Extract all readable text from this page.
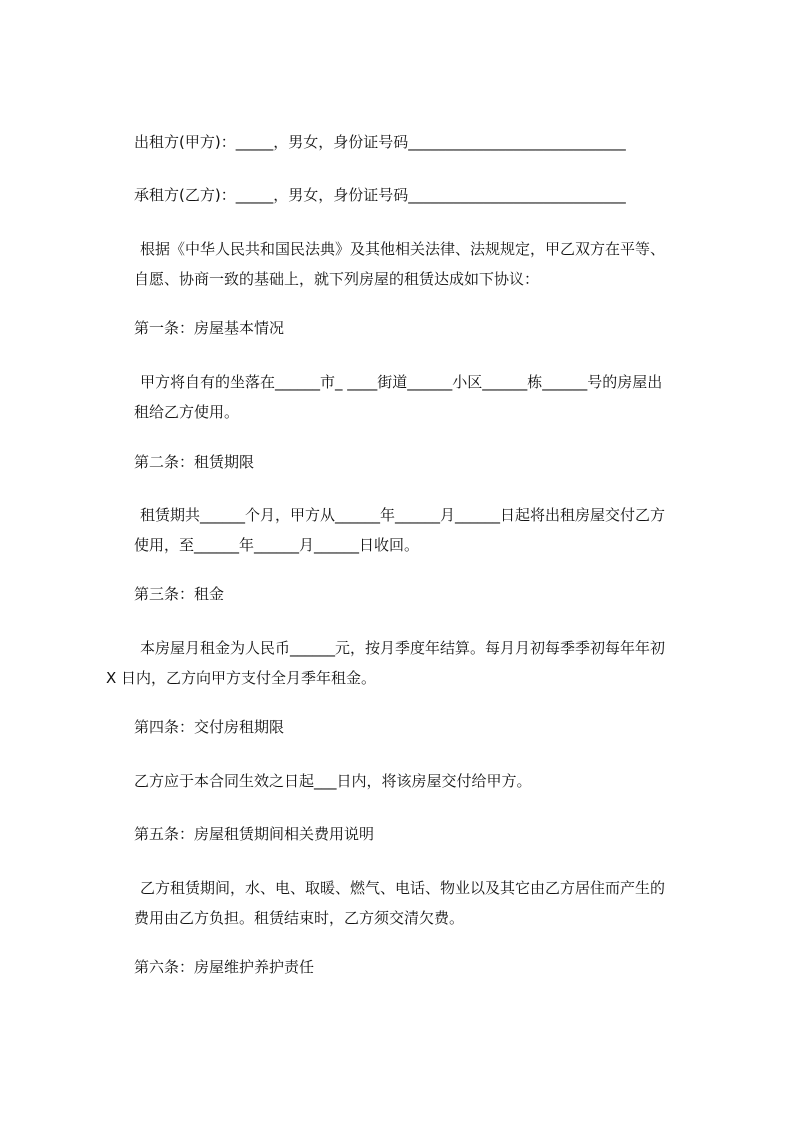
出租方(甲方)：_____，男女，身份证号码_____________________________

承租方(乙方)：_____，男女，身份证号码_____________________________

根据《中华人民共和国民法典》及其他相关法律、法规规定，甲乙双方在平等、
自愿、协商一致的基础上，就下列房屋的租赁达成如下协议：

第一条：房屋基本情况

甲方将自有的坐落在______市_ ____街道______小区______栋______号的房屋出
租给乙方使用。

第二条：租赁期限

租赁期共______个月，甲方从______年______月______日起将出租房屋交付乙方
使用，至______年______月______日收回。

第三条：租金

本房屋月租金为人民币______元，按月季度年结算。每月月初每季季初每年年初
X 日内，乙方向甲方支付全月季年租金。

第四条：交付房租期限

乙方应于本合同生效之日起___日内，将该房屋交付给甲方。

第五条：房屋租赁期间相关费用说明

乙方租赁期间，水、电、取暖、燃气、电话、物业以及其它由乙方居住而产生的
费用由乙方负担。租赁结束时，乙方须交清欠费。

第六条：房屋维护养护责任
